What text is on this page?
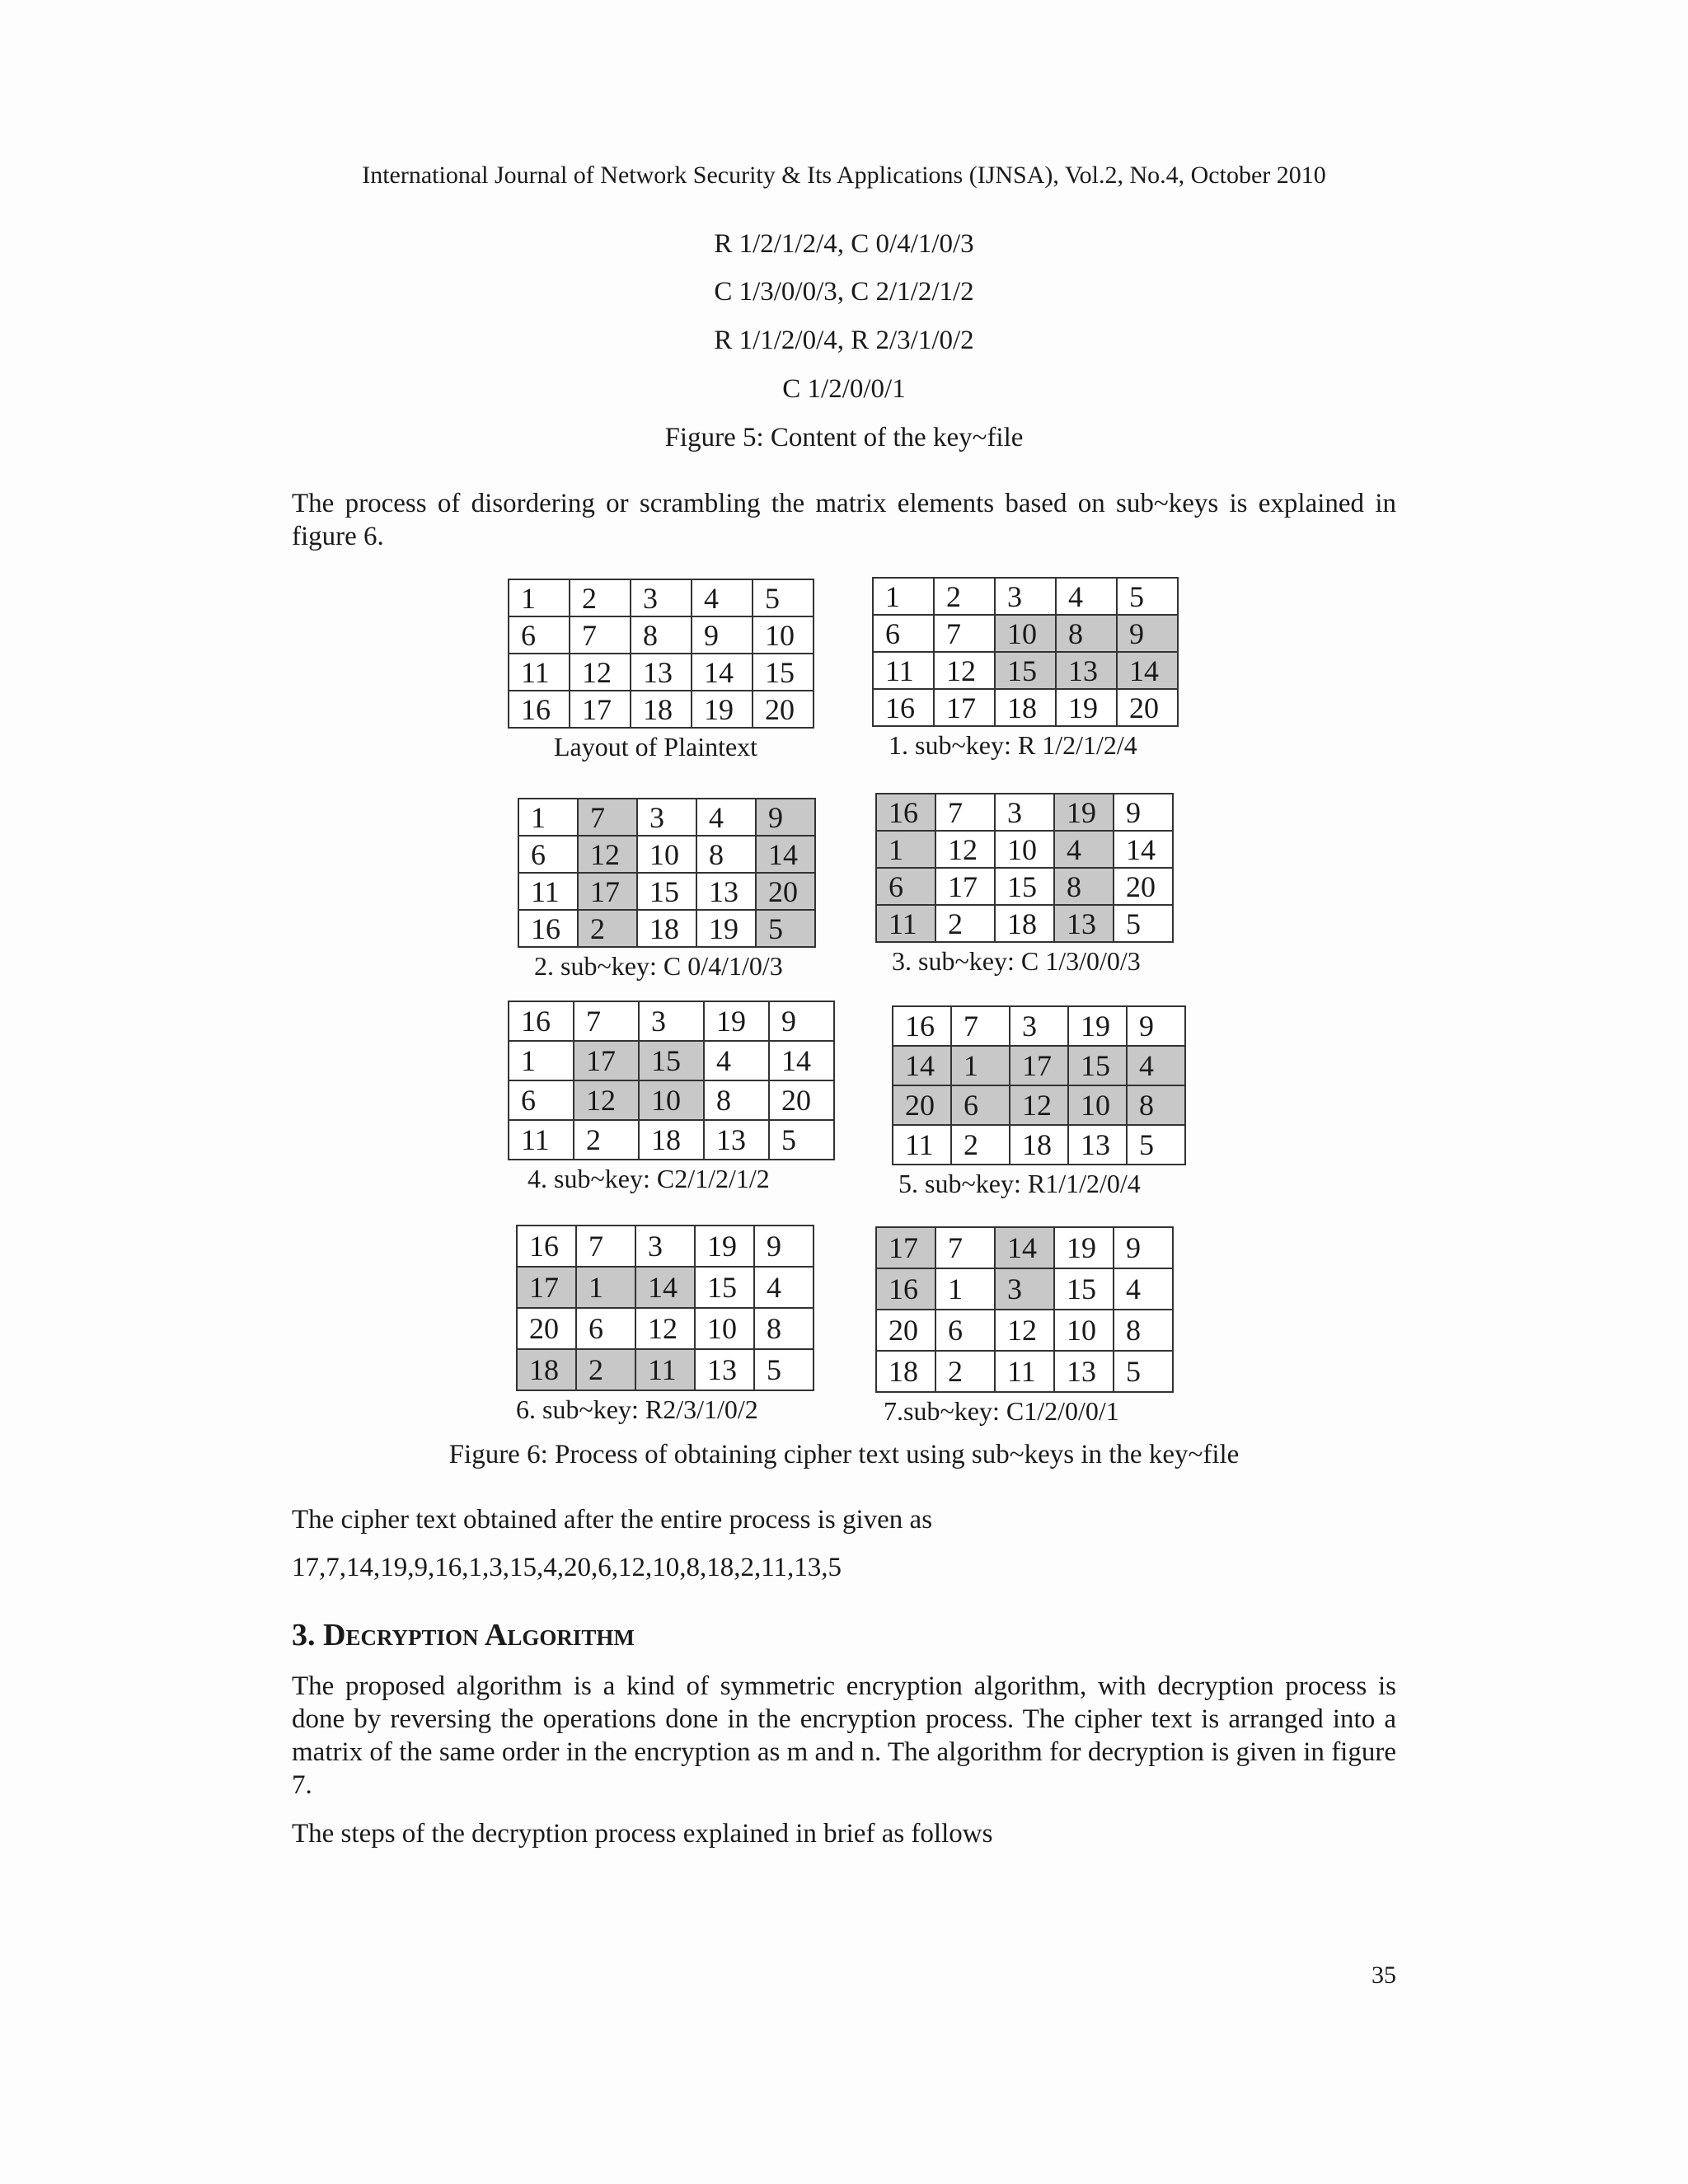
International Journal of Network Security & Its Applications (IJNSA), Vol.2, No.4, October 2010
R 1/2/1/2/4, C 0/4/1/0/3
C 1/3/0/0/3, C 2/1/2/1/2
R 1/1/2/0/4, R 2/3/1/0/2
C 1/2/0/0/1
Figure 5: Content of the key~file
The process of disordering or scrambling the matrix elements based on sub~keys is explained in figure 6.
1	2	3	4	5
6	7	8	9	10
11	12	13	14	15
16	17	18	19	20
Layout of Plaintext
1	2	3	4	5
6	7	10	8	9
11	12	15	13	14
16	17	18	19	20
1. sub~key: R 1/2/1/2/4
1	7	3	4	9
6	12	10	8	14
11	17	15	13	20
16	2	18	19	5
2. sub~key: C 0/4/1/0/3
16	7	3	19	9
1	12	10	4	14
6	17	15	8	20
11	2	18	13	5
3. sub~key: C 1/3/0/0/3
16	7	3	19	9
1	17	15	4	14
6	12	10	8	20
11	2	18	13	5
4. sub~key: C2/1/2/1/2
16	7	3	19	9
14	1	17	15	4
20	6	12	10	8
11	2	18	13	5
5. sub~key: R1/1/2/0/4
16	7	3	19	9
17	1	14	15	4
20	6	12	10	8
18	2	11	13	5
6. sub~key: R2/3/1/0/2
17	7	14	19	9
16	1	3	15	4
20	6	12	10	8
18	2	11	13	5
7.sub~key: C1/2/0/0/1
Figure 6: Process of obtaining cipher text using sub~keys in the key~file
The cipher text obtained after the entire process is given as
17,7,14,19,9,16,1,3,15,4,20,6,12,10,8,18,2,11,13,5
3. Decryption Algorithm
The proposed algorithm is a kind of symmetric encryption algorithm, with decryption process is done by reversing the operations done in the encryption process. The cipher text is arranged into a matrix of the same order in the encryption as m and n. The algorithm for decryption is given in figure 7.
The steps of the decryption process explained in brief as follows
35
